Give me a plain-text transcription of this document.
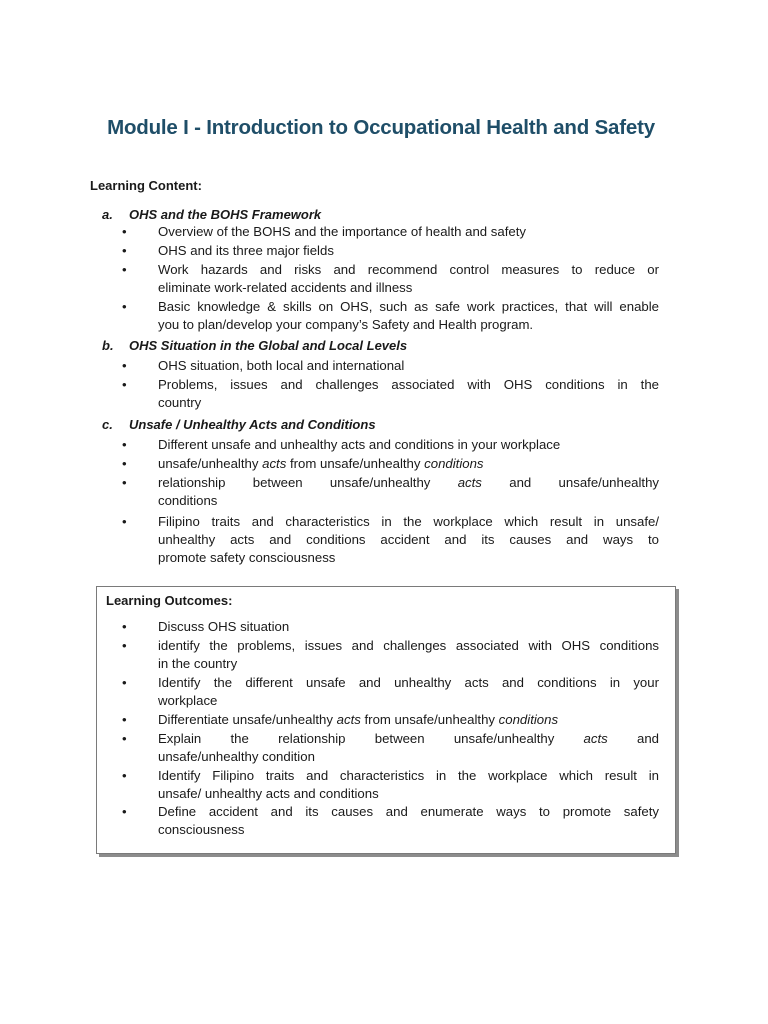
Module I - Introduction to Occupational Health and Safety
Learning Content:
a. OHS and the BOHS Framework
•	Overview of the BOHS and the importance of health and safety
•	OHS and its three major fields
•	Work hazards and risks and recommend control measures to reduce or
eliminate work-related accidents and illness
•	Basic knowledge & skills on OHS, such as safe work practices, that will enable
you to plan/develop your company’s Safety and Health program.
b. OHS Situation in the Global and Local Levels
•	OHS situation, both local and international
•	Problems, issues and challenges associated with OHS conditions in the
country
c. Unsafe / Unhealthy Acts and Conditions
•	Different unsafe and unhealthy acts and conditions in your workplace
•	unsafe/unhealthy acts from unsafe/unhealthy conditions
•	relationship between unsafe/unhealthy acts and unsafe/unhealthy
conditions
•	Filipino traits and characteristics in the workplace which result in unsafe/
unhealthy acts and conditions accident and its causes and ways to
promote safety consciousness
Learning Outcomes:
•	Discuss OHS situation
•	identify the problems, issues and challenges associated with OHS conditions
in the country
•	Identify the different unsafe and unhealthy acts and conditions in your
workplace
•	Differentiate unsafe/unhealthy acts from unsafe/unhealthy conditions
•	Explain the relationship between unsafe/unhealthy acts and
unsafe/unhealthy condition
•	Identify Filipino traits and characteristics in the workplace which result in
unsafe/ unhealthy acts and conditions
•	Define accident and its causes and enumerate ways to promote safety
consciousness
